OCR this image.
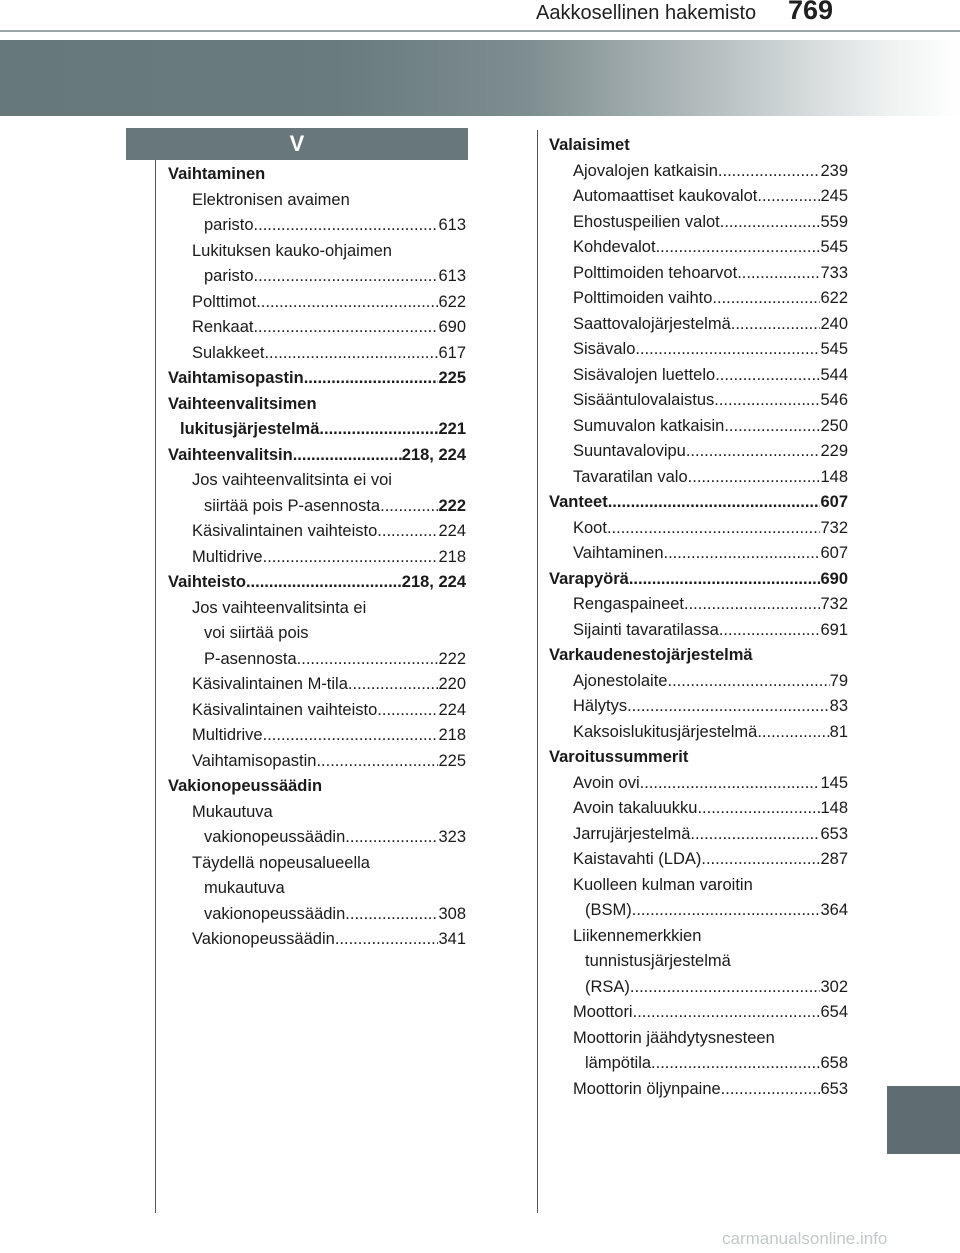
Aakkosellinen hakemisto 769
V
Vaihtaminen
Elektronisen avaimen
paristo .....	613
Lukituksen kauko-ohjaimen
paristo .....	613
Polttimot .....	622
Renkaat .....	690
Sulakkeet .....	617
Vaihtamisopastin .....	225
Vaihteenvalitsimen
lukitusjärjestelmä .....	221
Vaihteenvalitsin .....	218, 224
Jos vaihteenvalitsinta ei voi
siirtää pois P-asennosta .....	222
Käsivalintainen vaihteisto .....	224
Multidrive .....	218
Vaihteisto .....	218, 224
Jos vaihteenvalitsinta ei
voi siirtää pois
P-asennosta .....	222
Käsivalintainen M-tila .....	220
Käsivalintainen vaihteisto .....	224
Multidrive .....	218
Vaihtamisopastin .....	225
Vakionopeussäädin
Mukautuva
vakionopeussäädin .....	323
Täydellä nopeusalueella
mukautuva
vakionopeussäädin .....	308
Vakionopeussäädin .....	341
Valaisimet
Ajovalojen katkaisin .....	239
Automaattiset kaukovalot .....	245
Ehostuspeilien valot .....	559
Kohdevalot .....	545
Polttimoiden tehoarvot .....	733
Polttimoiden vaihto .....	622
Saattovalojärjestelmä .....	240
Sisävalo .....	545
Sisävalojen luettelo .....	544
Sisääntulovalaistus .....	546
Sumuvalon katkaisin .....	250
Suuntavalovipu .....	229
Tavaratilan valo .....	148
Vanteet .....	607
Koot .....	732
Vaihtaminen .....	607
Varapyörä .....	690
Rengaspaineet .....	732
Sijainti tavaratilassa .....	691
Varkaudenestojärjestelmä
Ajonestolaite .....	79
Hälytys .....	83
Kaksoislukitusjärjestelmä .....	81
Varoitussummerit
Avoin ovi .....	145
Avoin takaluukku .....	148
Jarrujärjestelmä .....	653
Kaistavahti (LDA) .....	287
Kuolleen kulman varoitin
(BSM) .....	364
Liikennemerkkien
tunnistusjärjestelmä
(RSA) .....	302
Moottori .....	654
Moottorin jäähdytysnesteen
lämpötila .....	658
Moottorin öljynpaine .....	653
carmanualsonline.info
